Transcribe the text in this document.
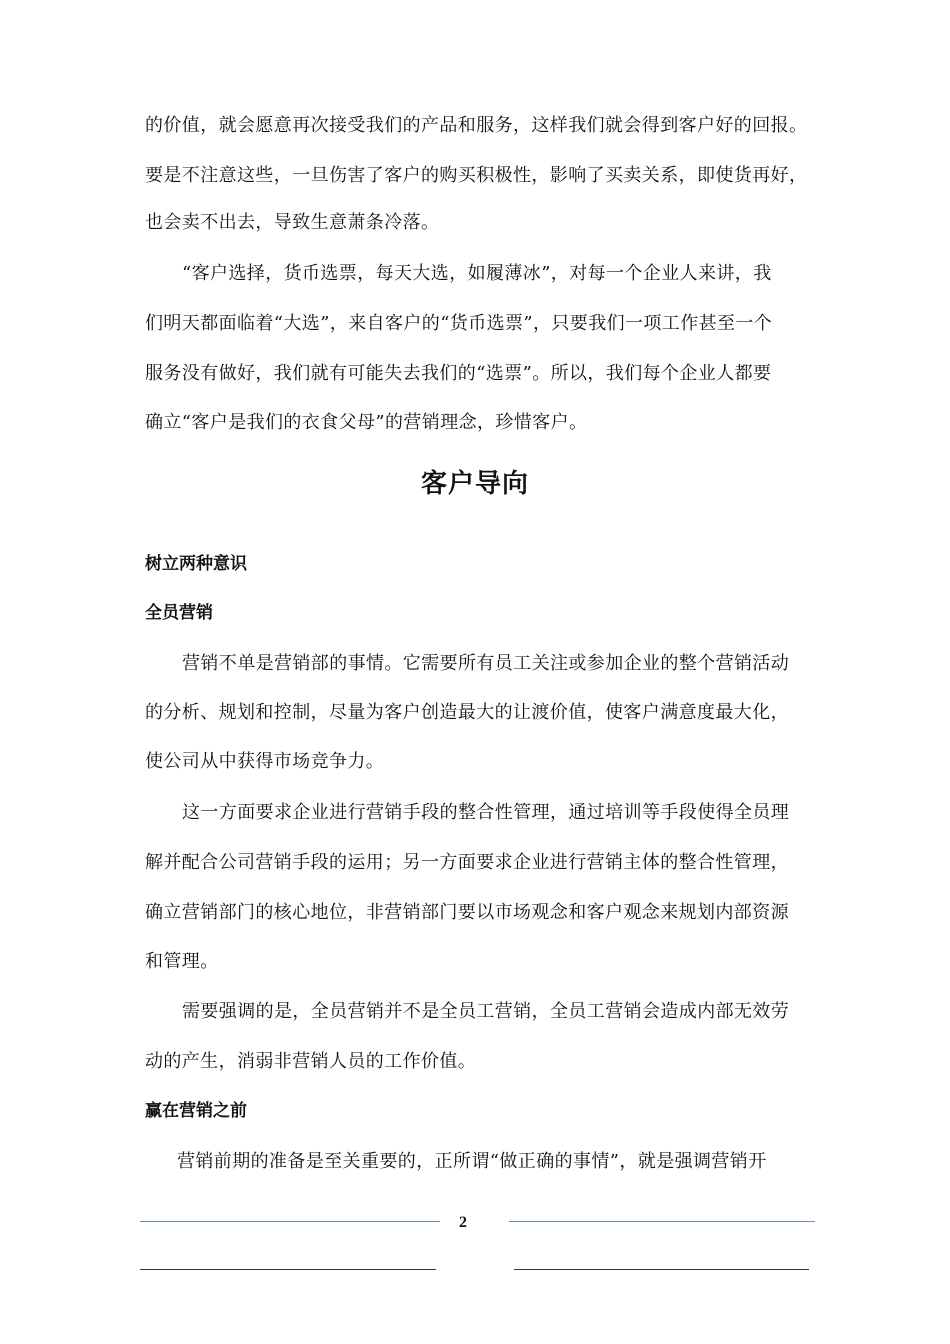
的价值，就会愿意再次接受我们的产品和服务，这样我们就会得到客户好的回报。
要是不注意这些，一旦伤害了客户的购买积极性，影响了买卖关系，即使货再好，
也会卖不出去，导致生意萧条冷落。
“客户选择，货币选票，每天大选，如履薄冰”，对每一个企业人来讲，我
们明天都面临着“大选”，来自客户的“货币选票”，只要我们一项工作甚至一个
服务没有做好，我们就有可能失去我们的“选票”。所以，我们每个企业人都要
确立“客户是我们的衣食父母”的营销理念，珍惜客户。
客户导向
树立两种意识
全员营销
营销不单是营销部的事情。它需要所有员工关注或参加企业的整个营销活动
的分析、规划和控制，尽量为客户创造最大的让渡价值，使客户满意度最大化，
使公司从中获得市场竞争力。
这一方面要求企业进行营销手段的整合性管理，通过培训等手段使得全员理
解并配合公司营销手段的运用；另一方面要求企业进行营销主体的整合性管理，
确立营销部门的核心地位，非营销部门要以市场观念和客户观念来规划内部资源
和管理。
需要强调的是，全员营销并不是全员工营销，全员工营销会造成内部无效劳
动的产生，消弱非营销人员的工作价值。
赢在营销之前
营销前期的准备是至关重要的，正所谓“做正确的事情”，就是强调营销开
2
